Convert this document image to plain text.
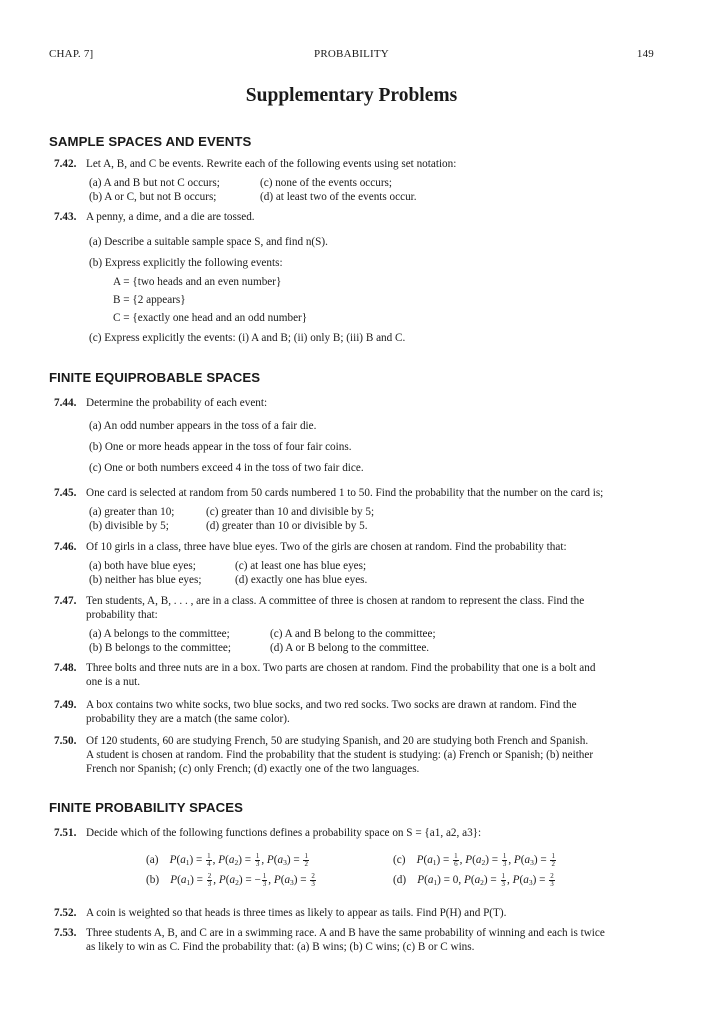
CHAP. 7]	PROBABILITY	149
Supplementary Problems
SAMPLE SPACES AND EVENTS
7.42. Let A, B, and C be events. Rewrite each of the following events using set notation:
(a) A and B but not C occurs;	(c) none of the events occurs;
(b) A or C, but not B occurs;	(d) at least two of the events occur.
7.43. A penny, a dime, and a die are tossed.
(a) Describe a suitable sample space S, and find n(S).
(b) Express explicitly the following events:
A = {two heads and an even number}
B = {2 appears}
C = {exactly one head and an odd number}
(c) Express explicitly the events: (i) A and B; (ii) only B; (iii) B and C.
FINITE EQUIPROBABLE SPACES
7.44. Determine the probability of each event:
(a) An odd number appears in the toss of a fair die.
(b) One or more heads appear in the toss of four fair coins.
(c) One or both numbers exceed 4 in the toss of two fair dice.
7.45. One card is selected at random from 50 cards numbered 1 to 50. Find the probability that the number on the card is;
(a) greater than 10;	(c) greater than 10 and divisible by 5;
(b) divisible by 5;	(d) greater than 10 or divisible by 5.
7.46. Of 10 girls in a class, three have blue eyes. Two of the girls are chosen at random. Find the probability that:
(a) both have blue eyes;	(c) at least one has blue eyes;
(b) neither has blue eyes;	(d) exactly one has blue eyes.
7.47. Ten students, A, B, . . . , are in a class. A committee of three is chosen at random to represent the class. Find the
probability that:
(a) A belongs to the committee;	(c) A and B belong to the committee;
(b) B belongs to the committee;	(d) A or B belong to the committee.
7.48. Three bolts and three nuts are in a box. Two parts are chosen at random. Find the probability that one is a bolt and
one is a nut.
7.49. A box contains two white socks, two blue socks, and two red socks. Two socks are drawn at random. Find the
probability they are a match (the same color).
7.50. Of 120 students, 60 are studying French, 50 are studying Spanish, and 20 are studying both French and Spanish.
A student is chosen at random. Find the probability that the student is studying: (a) French or Spanish; (b) neither
French nor Spanish; (c) only French; (d) exactly one of the two languages.
FINITE PROBABILITY SPACES
7.51. Decide which of the following functions defines a probability space on S = {a1, a2, a3}:
(a) $P(a_1) = \frac{1}{4}$ , $P(a_2) = \frac{1}{3}$ , $P(a_3) = \frac{1}{2}$	(c) $P(a_1) = \frac{1}{6}$ , $P(a_2) = \frac{1}{3}$ , $P(a_3) = \frac{1}{2}$
(b) $P(a_1) = \frac{2}{3}$ , $P(a_2)$ = − $\frac{1}{3}$ , $P(a_3) = \frac{2}{3}$	(d) $P(a_1) = 0$, $P(a_2) = \frac{1}{3}$ , $P(a_3) = \frac{2}{3}$
7.52. A coin is weighted so that heads is three times as likely to appear as tails. Find P(H) and P(T).
7.53. Three students A, B, and C are in a swimming race. A and B have the same probability of winning and each is twice
as likely to win as C. Find the probability that: (a) B wins; (b) C wins; (c) B or C wins.
